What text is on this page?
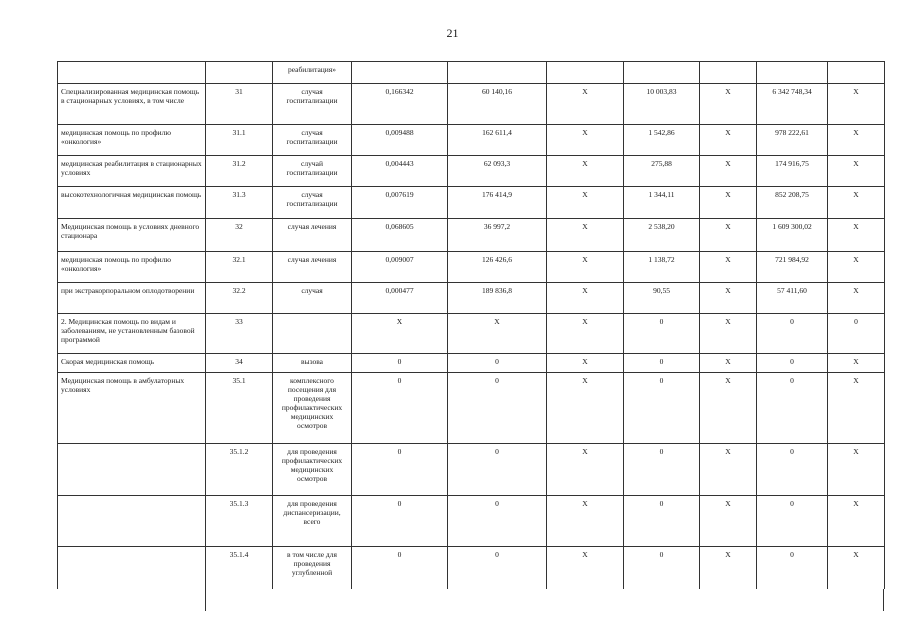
21
		реабилитация»							
Специализированная медицинская помощь в стационарных условиях, в том числе	31	случая госпитализации	0,166342	60 140,16	Х	10 003,83	Х	6 342 748,34	Х
медицинская помощь по профилю «онкология»	31.1	случая госпитализации	0,009488	162 611,4	Х	1 542,86	Х	978 222,61	Х
медицинская реабилитация в стационарных условиях	31.2	случай госпитализации	0,004443	62 093,3	Х	275,88	Х	174 916,75	Х
высокотехнологичная медицинская помощь	31.3	случая госпитализации	0,007619	176 414,9	Х	1 344,11	Х	852 208,75	Х
Медицинская помощь в условиях дневного стационара	32	случая лечения	0,068605	36 997,2	Х	2 538,20	Х	1 609 300,02	Х
медицинская помощь по профилю «онкология»	32.1	случая лечения	0,009007	126 426,6	Х	1 138,72	Х	721 984,92	Х
при экстракорпоральном оплодотворении	32.2	случая	0,000477	189 836,8	Х	90,55	Х	57 411,60	Х
2. Медицинская помощь по видам и заболеваниям, не установленным базовой программой	33		Х	Х	Х	0	Х	0	0
Скорая медицинская помощь	34	вызова	0	0	Х	0	Х	0	Х
Медицинская помощь в амбулаторных условиях	35.1	комплексного посещения для проведения профилактических медицинских осмотров	0	0	Х	0	Х	0	Х
	35.1.2	для проведения профилактических медицинских осмотров	0	0	Х	0	Х	0	Х
	35.1.3	для проведения диспансеризации, всего	0	0	Х	0	Х	0	Х
	35.1.4	в том числе для проведения углубленной	0	0	Х	0	Х	0	Х
